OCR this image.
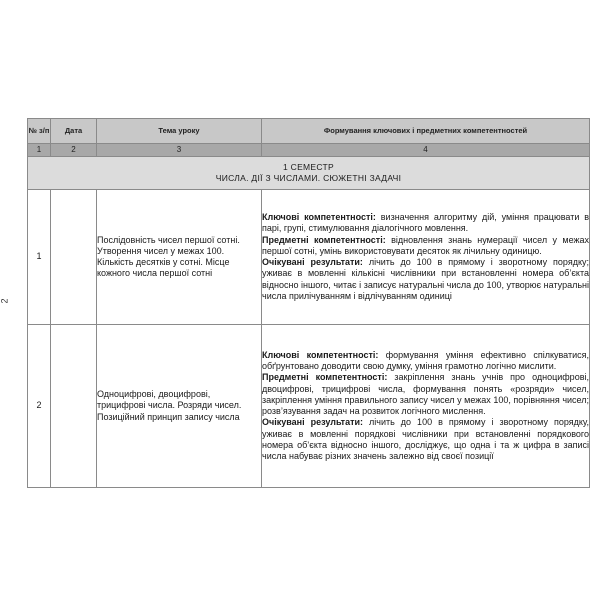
2
№ з/п	Дата	Тема уроку	Формування ключових і предметних компетентностей
1	2	3	4

1 СЕМЕСТР
ЧИСЛА. ДІЇ З ЧИСЛАМИ. СЮЖЕТНІ ЗАДАЧІ			

1		Послідовність чисел першої сотні. Утворення чисел у межах 100. Кількість десятків у сотні. Місце кожного числа першої сотні	Ключові компетентності: визначення алгоритму дій, уміння працювати в парі, групі, стимулювання діалогічного мовлення.

Предметні компетентності: відновлення знань нумерації чисел у межах першої сотні, умінь використовувати десяток як лічильну одиницю.

Очікувані результати: лічить до 100 в прямому і зворотному порядку; уживає в мовленні кількісні числівники при встановленні номера об’єкта відносно іншого, читає і записує натуральні числа до 100, утворює натуральні числа прилічуванням і відлічуванням одиниці

2		Одноцифрові, двоцифрові, трицифрові числа. Розряди чисел. Позиційний принцип запису числа	Ключові компетентності: формування уміння ефективно спілкуватися, обґрунтовано доводити свою думку, уміння грамотно логічно мислити.

Предметні компетентності: закріплення знань учнів про одноцифрові, двоцифрові, трицифрові числа, формування понять «розряди» чисел, закріплення уміння правильного запису чисел у межах 100, порівняння чисел; розв’язування задач на розвиток логічного мислення.

Очікувані результати: лічить до 100 в прямому і зворотному порядку, уживає в мовленні порядкові числівники при встановленні порядкового номера об’єкта відносно іншого, досліджує, що одна і та ж цифра в записі числа набуває різних значень залежно від своєї позиції
